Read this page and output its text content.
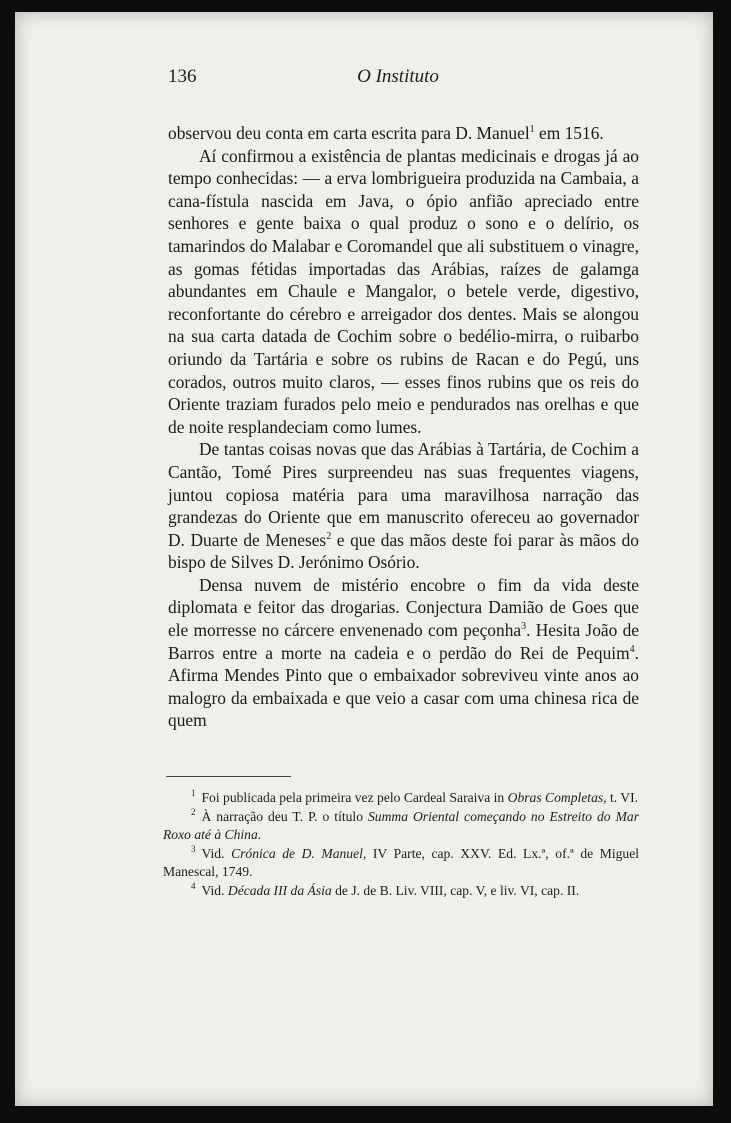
136	O Instituto

observou deu conta em carta escrita para D. Manuel$^1$ em 1516.

Aí confirmou a existência de plantas medicinais e drogas já ao tempo conhecidas: — a erva lombrigueira produzida na Cambaia, a cana-fístula nascida em Java, o ópio anfião apreciado entre senhores e gente baixa o qual produz o sono e o delírio, os tamarindos do Malabar e Coromandel que ali substituem o vinagre, as gomas fétidas importadas das Arábias, raízes de galamga abundantes em Chaule e Mangalor, o betele verde, digestivo, reconfortante do cérebro e arreigador dos dentes. Mais se alongou na sua carta datada de Cochim sobre o bedélio-mirra, o ruibarbo oriundo da Tartária e sobre os rubins de Racan e do Pegú, uns corados, outros muito claros, — esses finos rubins que os reis do Oriente traziam furados pelo meio e pendurados nas orelhas e que de noite resplandeciam como lumes.

De tantas coisas novas que das Arábias à Tartária, de Cochim a Cantão, Tomé Pires surpreendeu nas suas frequentes viagens, juntou copiosa matéria para uma maravilhosa narração das grandezas do Oriente que em manuscrito ofereceu ao governador D. Duarte de Meneses$^2$ e que das mãos deste foi parar às mãos do bispo de Silves D. Jerónimo Osório.

Densa nuvem de mistério encobre o fim da vida deste diplomata e feitor das drogarias. Conjectura Damião de Goes que ele morresse no cárcere envenenado com peçonha$^3$. Hesita João de Barros entre a morte na cadeia e o perdão do Rei de Pequim$^4$. Afirma Mendes Pinto que o embaixador sobreviveu vinte anos ao malogro da embaixada e que veio a casar com uma chinesa rica de quem

$^1$ Foi publicada pela primeira vez pelo Cardeal Saraiva in Obras Completas, t. VI.

$^2$ À narração deu T. P. o título Summa Oriental começando no Estreito do Mar Roxo até à China.

$^3$ Vid. Crónica de D. Manuel, IV Parte, cap. XXV. Ed. Lx.ª, of.ª de Miguel Manescal, 1749.

$^4$ Vid. Década III da Ásia de J. de B. Liv. VIII, cap. V, e liv. VI, cap. II.
